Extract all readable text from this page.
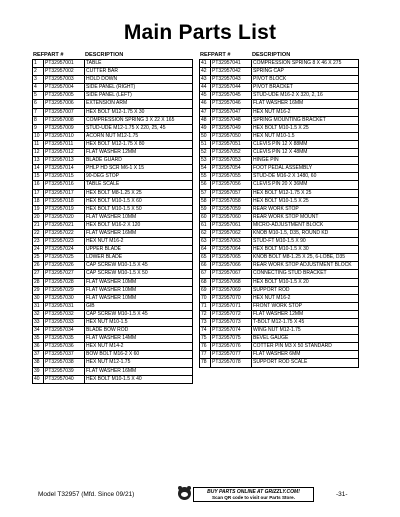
Main Parts List
REF PART #	DESCRIPTION
1	PT32957001	TABLE
2	PT32957002	CUTTER BAR
3	PT32957003	HOLD DOWN
4	PT32957004	SIDE PANEL (RIGHT)
5	PT32957005	SIDE PANEL (LEFT)
6	PT32957006	EXTENSION ARM
7	PT32957007	HEX BOLT M12-1.75 X 30
8	PT32957008	COMPRESSION SPRING 3 X 22 X 165
9	PT32957009	STUD-UDE M12-1.75 X 220, 25, 45
10	PT32957010	ACORN NUT M12-1.75
11	PT32957011	HEX BOLT M12-1.75 X 80
12	PT32957012	FLAT WASHER 12MM
13	PT32957013	BLADE GUARD
14	PT32957014	PHLP HD SCR M6-1 X 15
15	PT32957015	90-DEG STOP
16	PT32957016	TABLE SCALE
17	PT32957017	HEX BOLT M8-1.25 X 25
18	PT32957018	HEX BOLT M10-1.5 X 60
19	PT32957019	HEX BOLT M10-1.5 X 50
20	PT32957020	FLAT WASHER 10MM
21	PT32957021	HEX BOLT M16-2 X 120
22	PT32957022	FLAT WASHER 16MM
23	PT32957023	HEX NUT M16-2
24	PT32957024	UPPER BLADE
25	PT32957025	LOWER BLADE
26	PT32957026	CAP SCREW M10-1.5 X 45
27	PT32957027	CAP SCREW M10-1.5 X 50
28	PT32957028	FLAT WASHER 10MM
29	PT32957029	FLAT WASHER 10MM
30	PT32957030	FLAT WASHER 10MM
31	PT32957031	GIB
32	PT32957032	CAP SCREW M10-1.5 X 45
33	PT32957033	HEX NUT M10-1.5
34	PT32957034	BLADE BOW ROD
35	PT32957035	FLAT WASHER 14MM
36	PT32957036	HEX NUT M14-2
37	PT32957037	BOW BOLT M16-2 X 60
38	PT32957038	HEX NUT M12-1.75
39	PT32957039	FLAT WASHER 16MM
40	PT32957040	HEX BOLT M10-1.5 X 40
REF PART #	DESCRIPTION
41	PT32957041	COMPRESSION SPRING 8 X 46 X 275
42	PT32957042	SPRING CAP
43	PT32957043	PIVOT BLOCK
44	PT32957044	PIVOT BRACKET
45	PT32957045	STUD-UDE M16-2 X 320, 2, 16
46	PT32957046	FLAT WASHER 16MM
47	PT32957047	HEX NUT M16-2
48	PT32957048	SPRING MOUNTING BRACKET
49	PT32957049	HEX BOLT M10-1.5 X 25
50	PT32957050	HEX NUT M10-1.5
51	PT32957051	CLEVIS PIN 12 X 88MM
52	PT32957052	CLEVIS PIN 12 X 48MM
53	PT32957053	HINGE PIN
54	PT32957054	FOOT PEDAL ASSEMBLY
55	PT32957055	STUD-DE M16-2 X 1480, 60
56	PT32957056	CLEVIS PIN 20 X 36MM
57	PT32957057	HEX BOLT M12-1.75 X 25
58	PT32957058	HEX BOLT M10-1.5 X 25
59	PT32957059	REAR WORK STOP
60	PT32957060	REAR WORK STOP MOUNT
61	PT32957061	MICRO-ADJUSTMENT BLOCK
62	PT32957062	KNOB M10-1.5, D35, ROUND KD
63	PT32957063	STUD-FT M10-1.5 X 90
64	PT32957064	HEX BOLT M10-1.5 X 30
65	PT32957065	KNOB BOLT M8-1.25 X 25, 6-LOBE, D35
66	PT32957066	REAR WORK STOP ADJUSTMENT BLOCK
67	PT32957067	CONNECTING STUD BRACKET
68	PT32957068	HEX BOLT M10-1.5 X 20
69	PT32957069	SUPPORT ROD
70	PT32957070	HEX NUT M16-2
71	PT32957071	FRONT WORK STOP
72	PT32957072	FLAT WASHER 12MM
73	PT32957073	T-BOLT M12-1.75 X 45
74	PT32957074	WING NUT M12-1.75
75	PT32957075	BEVEL GAUGE
76	PT32957076	COTTER PIN M3 X 50 STANDARD
77	PT32957077	FLAT WASHER 6MM
78	PT32957078	SUPPORT ROD SCALE
Model T32957 (Mfd. Since 09/21)	BUY PARTS ONLINE AT GRIZZLY.COM!
Scan QR code to visit our Parts Store.	-31-
